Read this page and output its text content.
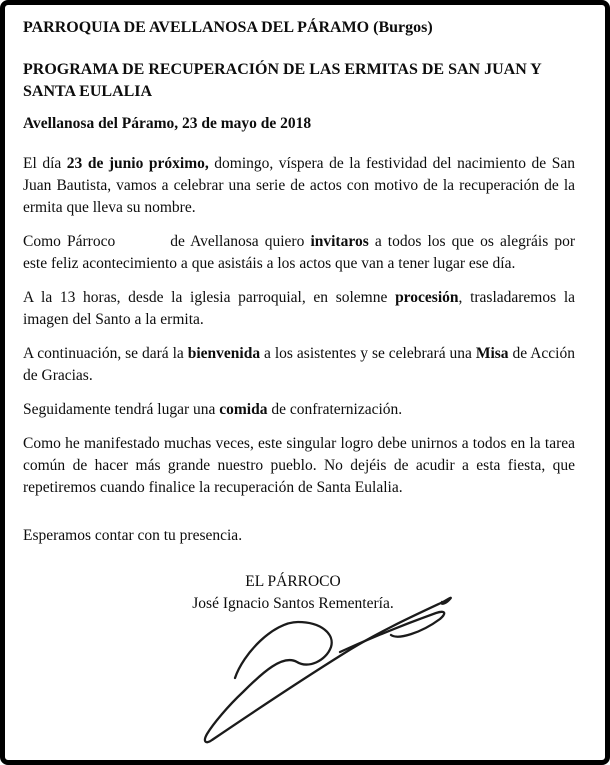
PARROQUIA DE AVELLANOSA DEL PÁRAMO (Burgos)
PROGRAMA DE RECUPERACIÓN DE LAS ERMITAS DE SAN JUAN Y
SANTA EULALIA
Avellanosa del Páramo, 23 de mayo de 2018

El día 23 de junio próximo, domingo, víspera de la festividad del nacimiento de San Juan Bautista, vamos a celebrar una serie de actos con motivo de la recuperación de la ermita que lleva su nombre.

Como Párroco	de Avellanosa quiero invitaros a todos los que os alegráis por este feliz acontecimiento a que asistáis a los actos que van a tener lugar ese día.

A la 13 horas, desde la iglesia parroquial, en solemne procesión, trasladaremos la imagen del Santo a la ermita.

A continuación, se dará la bienvenida a los asistentes y se celebrará una Misa de Acción de Gracias.

Seguidamente tendrá lugar una comida de confraternización.

Como he manifestado muchas veces, este singular logro debe unirnos a todos en la tarea común de hacer más grande nuestro pueblo. No dejéis de acudir a esta fiesta, que repetiremos cuando finalice la recuperación de Santa Eulalia.

Esperamos contar con tu presencia.

EL PÁRROCO
José Ignacio Santos Rementería.
